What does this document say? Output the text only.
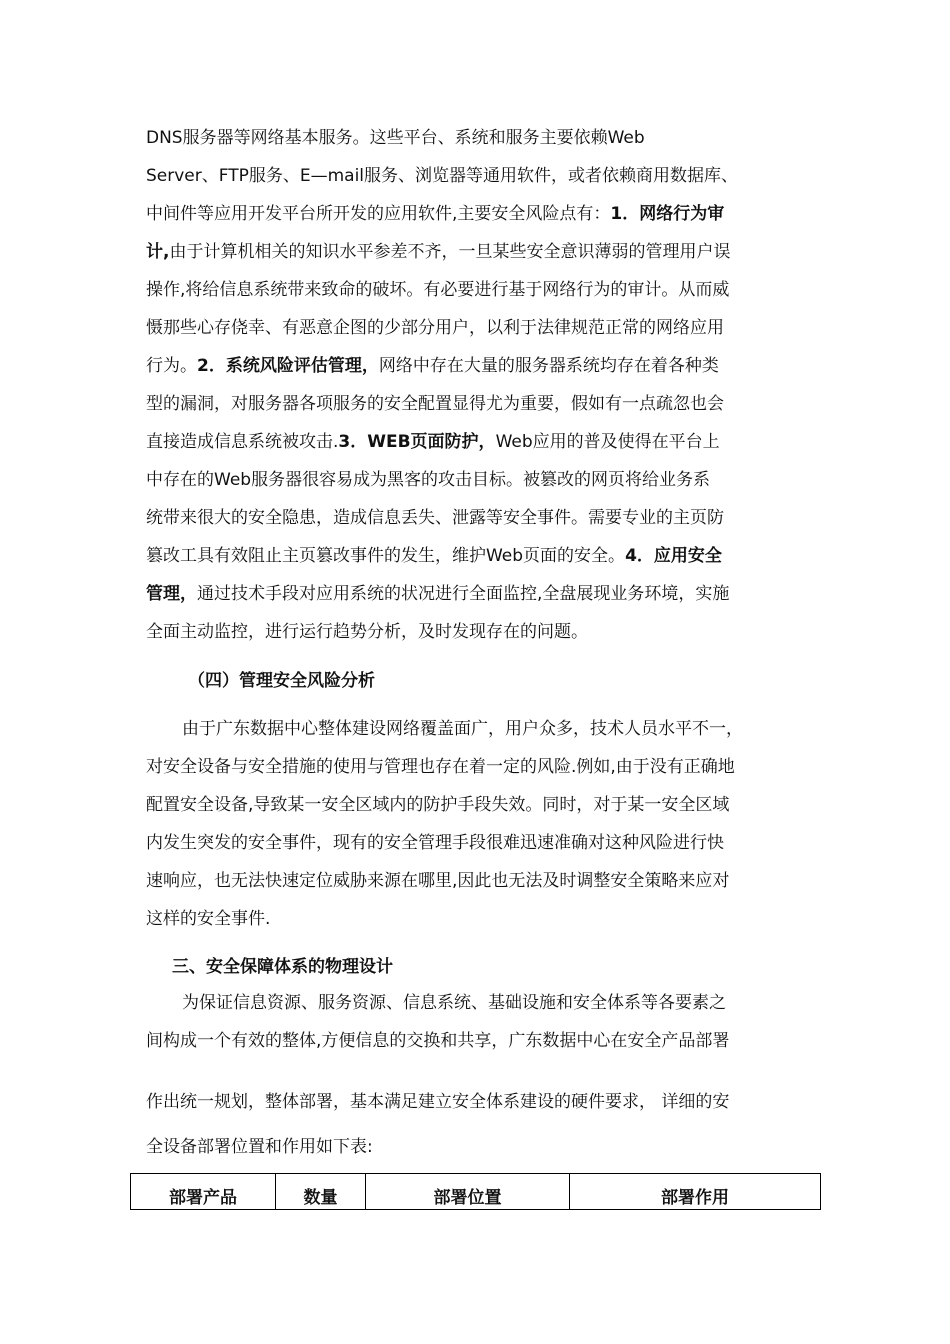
DNS服务器等网络基本服务。这些平台、系统和服务主要依赖Web
Server、FTP服务、E—mail服务、浏览器等通用软件，或者依赖商用数据库、
中间件等应用开发平台所开发的应用软件,主要安全风险点有：1．网络行为审
计,由于计算机相关的知识水平参差不齐，一旦某些安全意识薄弱的管理用户误
操作,将给信息系统带来致命的破坏。有必要进行基于网络行为的审计。从而威
慑那些心存侥幸、有恶意企图的少部分用户，以利于法律规范正常的网络应用
行为。2．系统风险评估管理，网络中存在大量的服务器系统均存在着各种类
型的漏洞，对服务器各项服务的安全配置显得尤为重要，假如有一点疏忽也会
直接造成信息系统被攻击.3．WEB页面防护，Web应用的普及使得在平台上
中存在的Web服务器很容易成为黑客的攻击目标。被篡改的网页将给业务系
统带来很大的安全隐患，造成信息丢失、泄露等安全事件。需要专业的主页防
篡改工具有效阻止主页篡改事件的发生，维护Web页面的安全。4．应用安全
管理，通过技术手段对应用系统的状况进行全面监控,全盘展现业务环境，实施
全面主动监控，进行运行趋势分析，及时发现存在的问题。
（四）管理安全风险分析
由于广东数据中心整体建设网络覆盖面广，用户众多，技术人员水平不一，
对安全设备与安全措施的使用与管理也存在着一定的风险.例如,由于没有正确地
配置安全设备,导致某一安全区域内的防护手段失效。同时，对于某一安全区域
内发生突发的安全事件，现有的安全管理手段很难迅速准确对这种风险进行快
速响应，也无法快速定位威胁来源在哪里,因此也无法及时调整安全策略来应对
这样的安全事件.
三、安全保障体系的物理设计
为保证信息资源、服务资源、信息系统、基础设施和安全体系等各要素之
间构成一个有效的整体,方便信息的交换和共享，广东数据中心在安全产品部署
作出统一规划，整体部署，基本满足建立安全体系建设的硬件要求， 详细的安
全设备部署位置和作用如下表:
部署产品	数量	部署位置	部署作用
